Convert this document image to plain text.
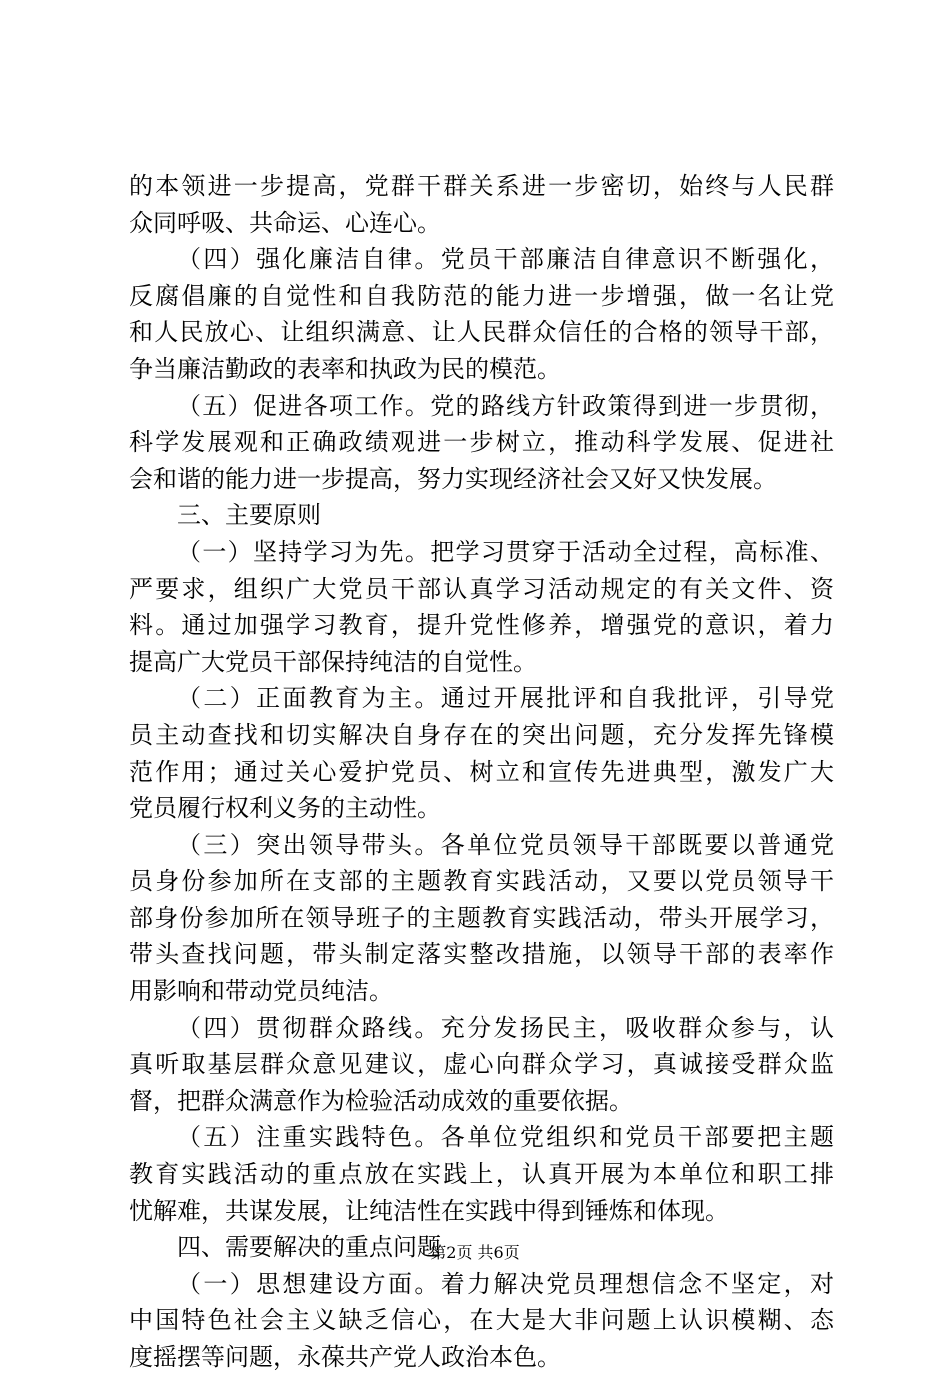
的本领进一步提高，党群干群关系进一步密切，始终与人民群
众同呼吸、共命运、心连心。
（四）强化廉洁自律。党员干部廉洁自律意识不断强化，
反腐倡廉的自觉性和自我防范的能力进一步增强，做一名让党
和人民放心、让组织满意、让人民群众信任的合格的领导干部，
争当廉洁勤政的表率和执政为民的模范。
（五）促进各项工作。党的路线方针政策得到进一步贯彻，
科学发展观和正确政绩观进一步树立，推动科学发展、促进社
会和谐的能力进一步提高，努力实现经济社会又好又快发展。
三、主要原则
（一）坚持学习为先。把学习贯穿于活动全过程，高标准、
严要求，组织广大党员干部认真学习活动规定的有关文件、资
料。通过加强学习教育，提升党性修养，增强党的意识，着力
提高广大党员干部保持纯洁的自觉性。
（二）正面教育为主。通过开展批评和自我批评，引导党
员主动查找和切实解决自身存在的突出问题，充分发挥先锋模
范作用；通过关心爱护党员、树立和宣传先进典型，激发广大
党员履行权利义务的主动性。
（三）突出领导带头。各单位党员领导干部既要以普通党
员身份参加所在支部的主题教育实践活动，又要以党员领导干
部身份参加所在领导班子的主题教育实践活动，带头开展学习，
带头查找问题，带头制定落实整改措施，以领导干部的表率作
用影响和带动党员纯洁。
（四）贯彻群众路线。充分发扬民主，吸收群众参与，认
真听取基层群众意见建议，虚心向群众学习，真诚接受群众监
督，把群众满意作为检验活动成效的重要依据。
（五）注重实践特色。各单位党组织和党员干部要把主题
教育实践活动的重点放在实践上，认真开展为本单位和职工排
忧解难，共谋发展，让纯洁性在实践中得到锤炼和体现。
四、需要解决的重点问题
（一）思想建设方面。着力解决党员理想信念不坚定，对
中国特色社会主义缺乏信心，在大是大非问题上认识模糊、态
度摇摆等问题，永葆共产党人政治本色。
第2页 共6页
